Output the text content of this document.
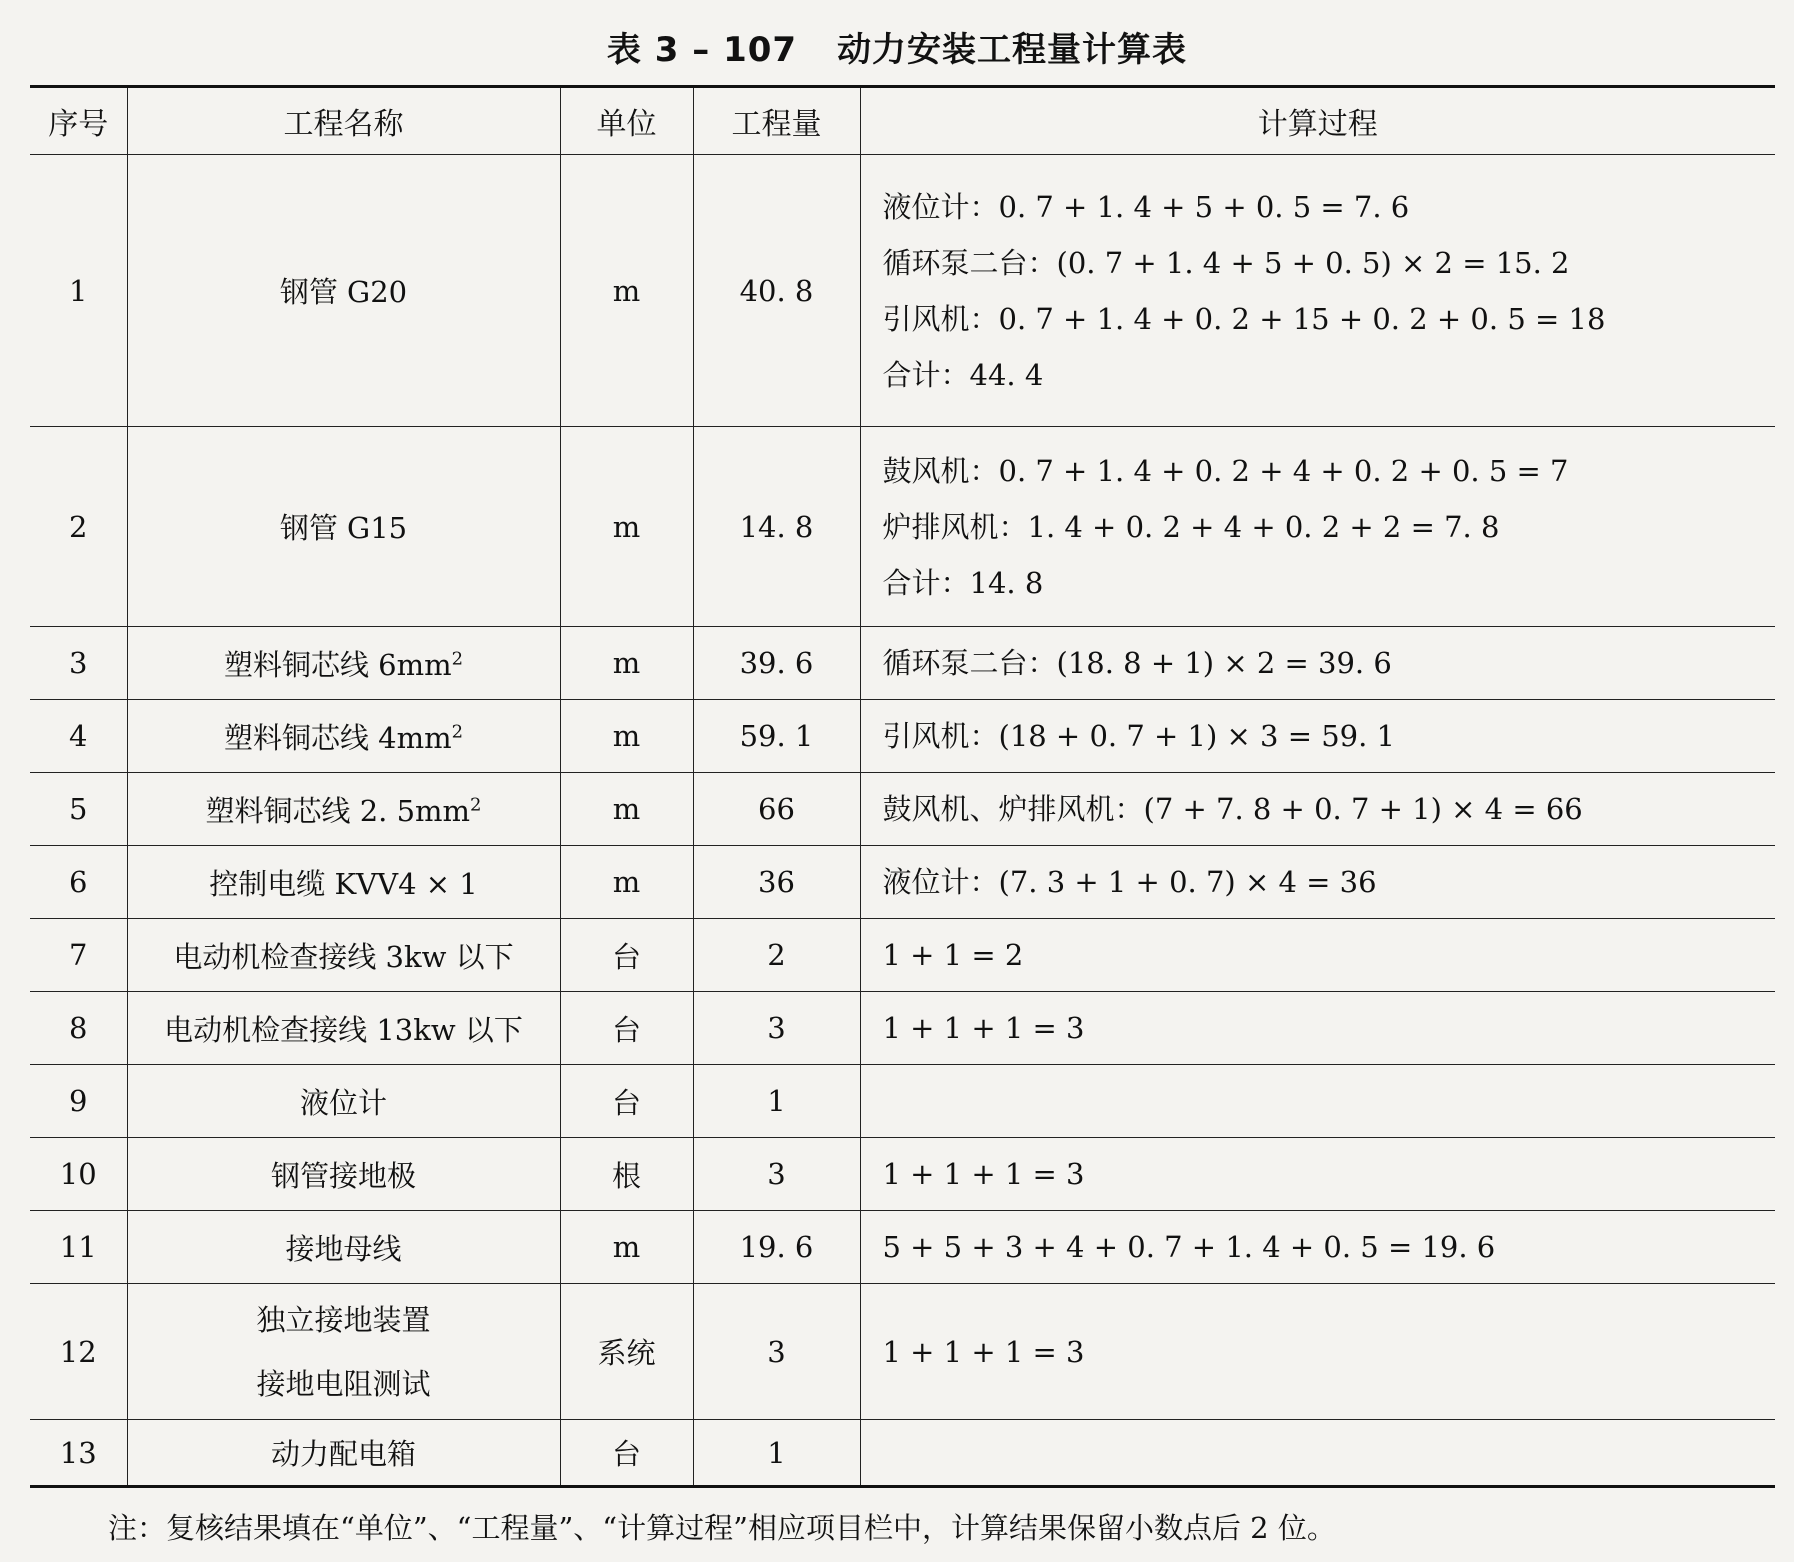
表 3 – 107 动力安装工程量计算表
序号	工程名称	单位	工程量	计算过程
1	钢管 G20	m	40. 8	液位计：0. 7 + 1. 4 + 5 + 0. 5 = 7. 6
循环泵二台：(0. 7 + 1. 4 + 5 + 0. 5) × 2 = 15. 2
引风机：0. 7 + 1. 4 + 0. 2 + 15 + 0. 2 + 0. 5 = 18
合计：44. 4

2	钢管 G15	m	14. 8	鼓风机：0. 7 + 1. 4 + 0. 2 + 4 + 0. 2 + 0. 5 = 7
炉排风机：1. 4 + 0. 2 + 4 + 0. 2 + 2 = 7. 8
合计：14. 8

3	塑料铜芯线 $6mm^2$	m	39. 6	循环泵二台：(18. 8 + 1) × 2 = 39. 6

4	塑料铜芯线 $4mm^2$	m	59. 1	引风机：(18 + 0. 7 + 1) × 3 = 59. 1

5	塑料铜芯线 2. $5mm^2$	m	66	鼓风机、炉排风机：(7 + 7. 8 + 0. 7 + 1) × 4 = 66

6	控制电缆 KVV4 × 1	m	36	液位计：(7. 3 + 1 + 0. 7) × 4 = 36

7	电动机检查接线 3kw 以下	台	2	1 + 1 = 2

8	电动机检查接线 13kw 以下	台	3	1 + 1 + 1 = 3

9	液位计	台	1	
10	钢管接地极	根	3	1 + 1 + 1 = 3

11	接地母线	m	19. 6	5 + 5 + 3 + 4 + 0. 7 + 1. 4 + 0. 5 = 19. 6

12	独立接地装置
接地电阻测试	系统	3	1 + 1 + 1 = 3

13	动力配电箱	台	1	
注：复核结果填在“单位”、“工程量”、“计算过程”相应项目栏中，计算结果保留小数点后 2 位。
